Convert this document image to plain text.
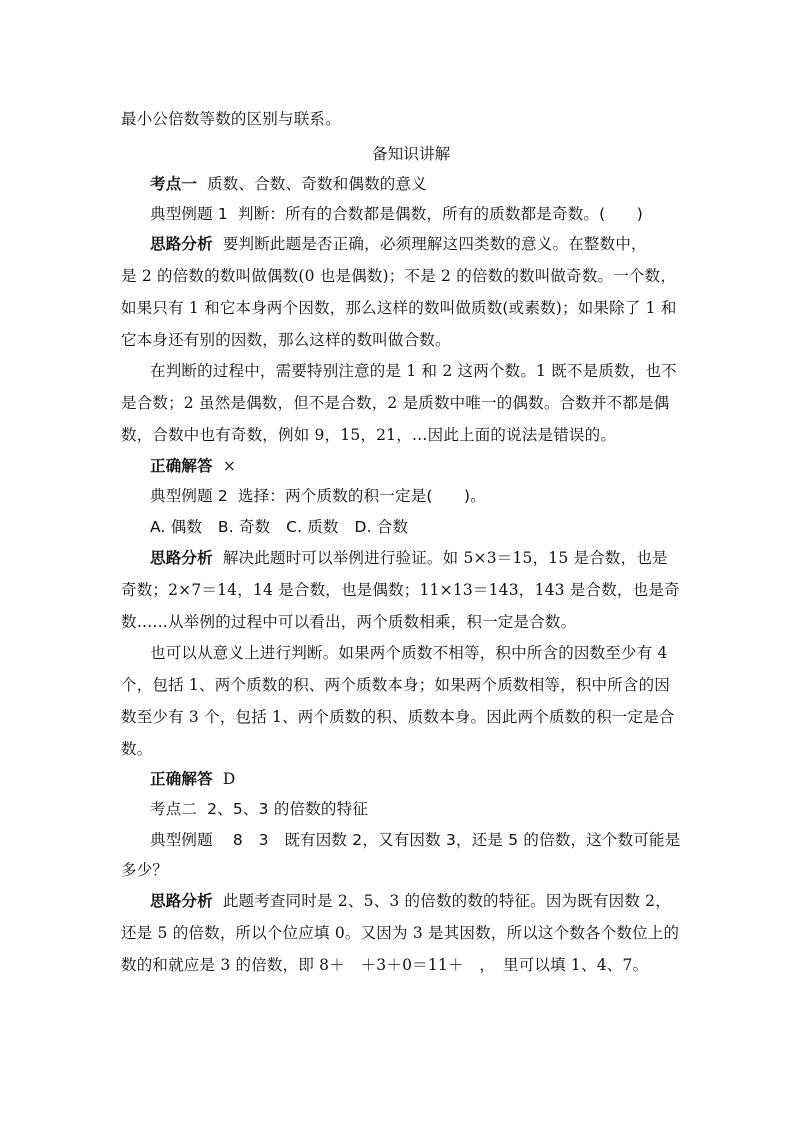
最小公倍数等数的区别与联系。
备知识讲解
考点一 质数、合数、奇数和偶数的意义
典型例题 1 判断：所有的合数都是偶数，所有的质数都是奇数。(　　)
思路分析 要判断此题是否正确，必须理解这四类数的意义。在整数中，
是 2 的倍数的数叫做偶数(0 也是偶数)；不是 2 的倍数的数叫做奇数。一个数，
如果只有 1 和它本身两个因数，那么这样的数叫做质数(或素数)；如果除了 1 和
它本身还有别的因数，那么这样的数叫做合数。
在判断的过程中，需要特别注意的是 1 和 2 这两个数。1 既不是质数，也不
是合数；2 虽然是偶数，但不是合数，2 是质数中唯一的偶数。合数并不都是偶
数，合数中也有奇数，例如 9，15，21，…因此上面的说法是错误的。
正确解答 ×
典型例题 2 选择：两个质数的积一定是(　　)。
A. 偶数　B. 奇数　C. 质数　D. 合数
思路分析 解决此题时可以举例进行验证。如 5×3＝15，15 是合数，也是
奇数；2×7＝14，14 是合数，也是偶数；11×13＝143，143 是合数，也是奇
数……从举例的过程中可以看出，两个质数相乘，积一定是合数。
也可以从意义上进行判断。如果两个质数不相等，积中所含的因数至少有 4
个，包括 1、两个质数的积、两个质数本身；如果两个质数相等，积中所含的因
数至少有 3 个，包括 1、两个质数的积、质数本身。因此两个质数的积一定是合
数。
正确解答 D
考点二 2、5、3 的倍数的特征
典型例题 8　3　既有因数 2，又有因数 3，还是 5 的倍数，这个数可能是
多少？
思路分析 此题考查同时是 2、5、3 的倍数的数的特征。因为既有因数 2，
还是 5 的倍数，所以个位应填 0。又因为 3 是其因数，所以这个数各个数位上的
数的和就应是 3 的倍数，即 8＋　＋3＋0＝11＋　，　里可以填 1、4、7。
